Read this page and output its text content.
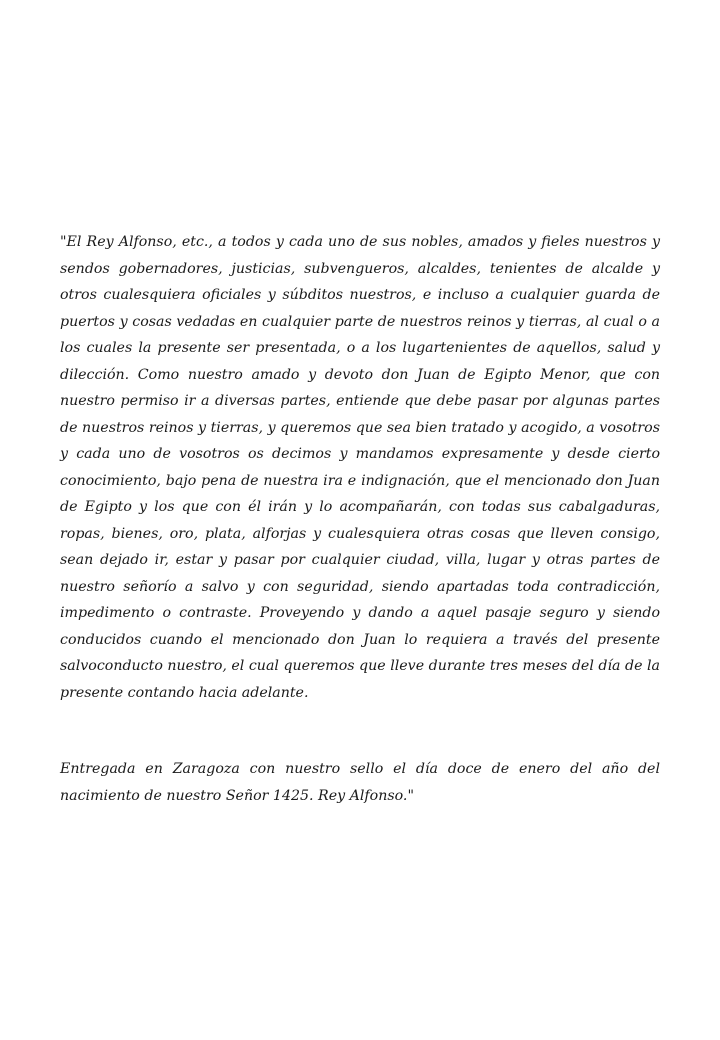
"El Rey Alfonso, etc., a todos y cada uno de sus nobles, amados y fieles nuestros y sendos gobernadores, justicias, subvengueros, alcaldes, tenientes de alcalde y otros cualesquiera oficiales y súbditos nuestros, e incluso a cualquier guarda de puertos y cosas vedadas en cualquier parte de nuestros reinos y tierras, al cual o a los cuales la presente ser presentada, o a los lugartenientes de aquellos, salud y dilección. Como nuestro amado y devoto don Juan de Egipto Menor, que con nuestro permiso ir a diversas partes, entiende que debe pasar por algunas partes de nuestros reinos y tierras, y queremos que sea bien tratado y acogido, a vosotros y cada uno de vosotros os decimos y mandamos expresamente y desde cierto conocimiento, bajo pena de nuestra ira e indignación, que el mencionado don Juan de Egipto y los que con él irán y lo acompañarán, con todas sus cabalgaduras, ropas, bienes, oro, plata, alforjas y cualesquiera otras cosas que lleven consigo, sean dejado ir, estar y pasar por cualquier ciudad, villa, lugar y otras partes de nuestro señorío a salvo y con seguridad, siendo apartadas toda contradicción, impedimento o contraste. Proveyendo y dando a aquel pasaje seguro y siendo conducidos cuando el mencionado don Juan lo requiera a través del presente salvoconducto nuestro, el cual queremos que lleve durante tres meses del día de la presente contando hacia adelante.

Entregada en Zaragoza con nuestro sello el día doce de enero del año del nacimiento de nuestro Señor 1425. Rey Alfonso."
